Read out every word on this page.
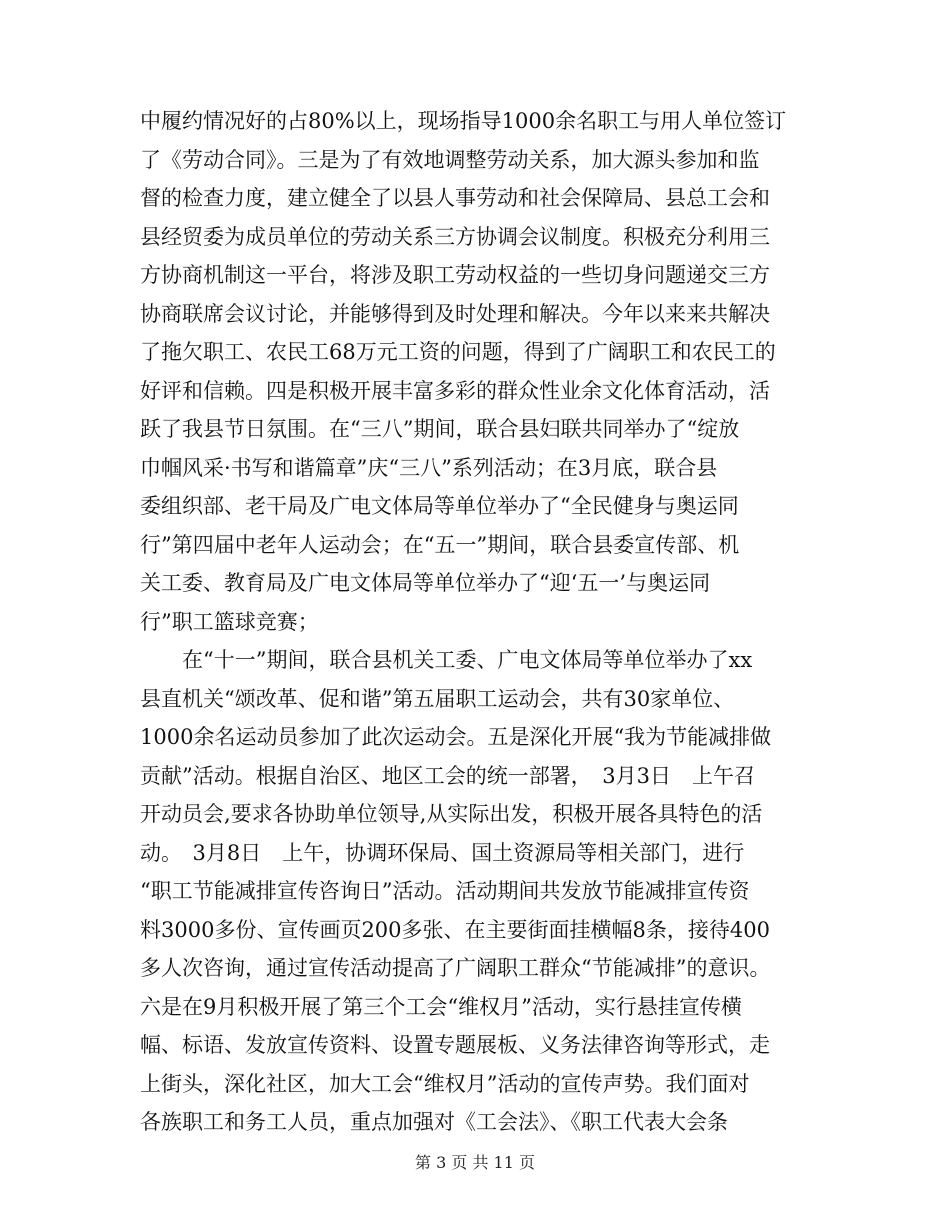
中履约情况好的占80%以上，现场指导1000余名职工与用人单位签订
了《劳动合同》。三是为了有效地调整劳动关系，加大源头参加和监
督的检查力度，建立健全了以县人事劳动和社会保障局、县总工会和
县经贸委为成员单位的劳动关系三方协调会议制度。积极充分利用三
方协商机制这一平台，将涉及职工劳动权益的一些切身问题递交三方
协商联席会议讨论，并能够得到及时处理和解决。今年以来来共解决
了拖欠职工、农民工68万元工资的问题，得到了广阔职工和农民工的
好评和信赖。四是积极开展丰富多彩的群众性业余文化体育活动，活
跃了我县节日氛围。在“三八”期间，联合县妇联共同举办了“绽放
巾帼风采·书写和谐篇章”庆“三八”系列活动；在3月底，联合县
委组织部、老干局及广电文体局等单位举办了“全民健身与奥运同
行”第四届中老年人运动会；在“五一”期间，联合县委宣传部、机
关工委、教育局及广电文体局等单位举办了“迎‘五一’与奥运同
行”职工篮球竞赛；
　　在“十一”期间，联合县机关工委、广电文体局等单位举办了xx
县直机关“颂改革、促和谐”第五届职工运动会，共有30家单位、
1000余名运动员参加了此次运动会。五是深化开展“我为节能减排做
贡献”活动。根据自治区、地区工会的统一部署，　3月3日　上午召
开动员会,要求各协助单位领导,从实际出发，积极开展各具特色的活
动。　3月8日　上午，协调环保局、国土资源局等相关部门，进行
“职工节能减排宣传咨询日”活动。活动期间共发放节能减排宣传资
料3000多份、宣传画页200多张、在主要街面挂横幅8条，接待400
多人次咨询，通过宣传活动提高了广阔职工群众“节能减排”的意识。
六是在9月积极开展了第三个工会“维权月”活动，实行悬挂宣传横
幅、标语、发放宣传资料、设置专题展板、义务法律咨询等形式，走
上街头，深化社区，加大工会“维权月”活动的宣传声势。我们面对
各族职工和务工人员，重点加强对《工会法》、《职工代表大会条
第 3 页 共 11 页
